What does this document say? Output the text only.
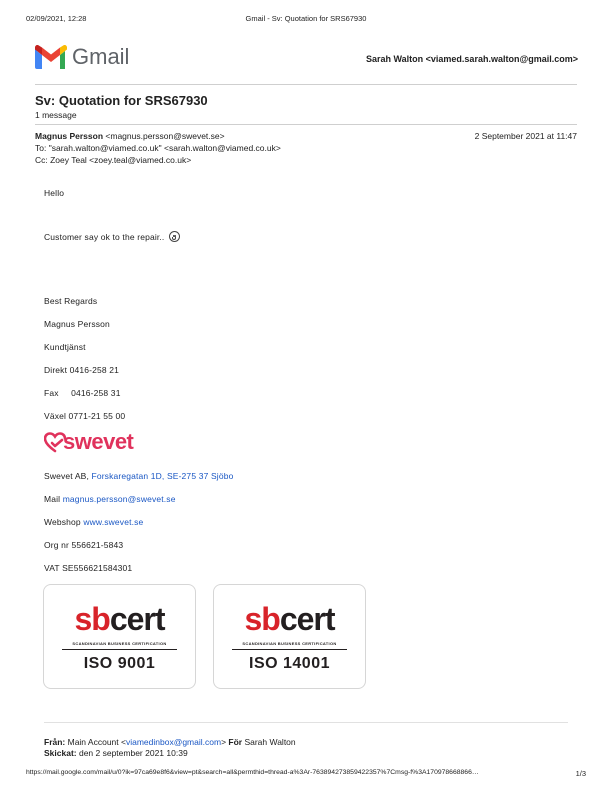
02/09/2021, 12:28	Gmail - Sv: Quotation for SRS67930
Gmail	Sarah Walton <viamed.sarah.walton@gmail.com>
Sv: Quotation for SRS67930
1 message
Magnus Persson <magnus.persson@swevet.se>	2 September 2021 at 11:47
To: "sarah.walton@viamed.co.uk" <sarah.walton@viamed.co.uk>
Cc: Zoey Teal <zoey.teal@viamed.co.uk>
Hello
Customer say ok to the repair..
Best Regards
Magnus Persson
Kundtjänst
Direkt 0416-258 21
Fax     0416-258 31
Växel 0771-21 55 00
swevet
Swevet AB, Forskaregatan 1D, SE-275 37 Sjöbo
Mail magnus.persson@swevet.se
Webshop www.swevet.se
Org nr 556621-5843
VAT SE556621584301
sbcert
SCANDINAVIAN BUSINESS CERTIFICATION
ISO 9001
sbcert
SCANDINAVIAN BUSINESS CERTIFICATION
ISO 14001
Från: Main Account <viamedinbox@gmail.com> För Sarah Walton
Skickat: den 2 september 2021 10:39
https://mail.google.com/mail/u/0?ik=97ca69e8f6&view=pt&search=all&permthid=thread-a%3Ar-763894273859422357%7Cmsg-f%3A170978668866…	1/3
